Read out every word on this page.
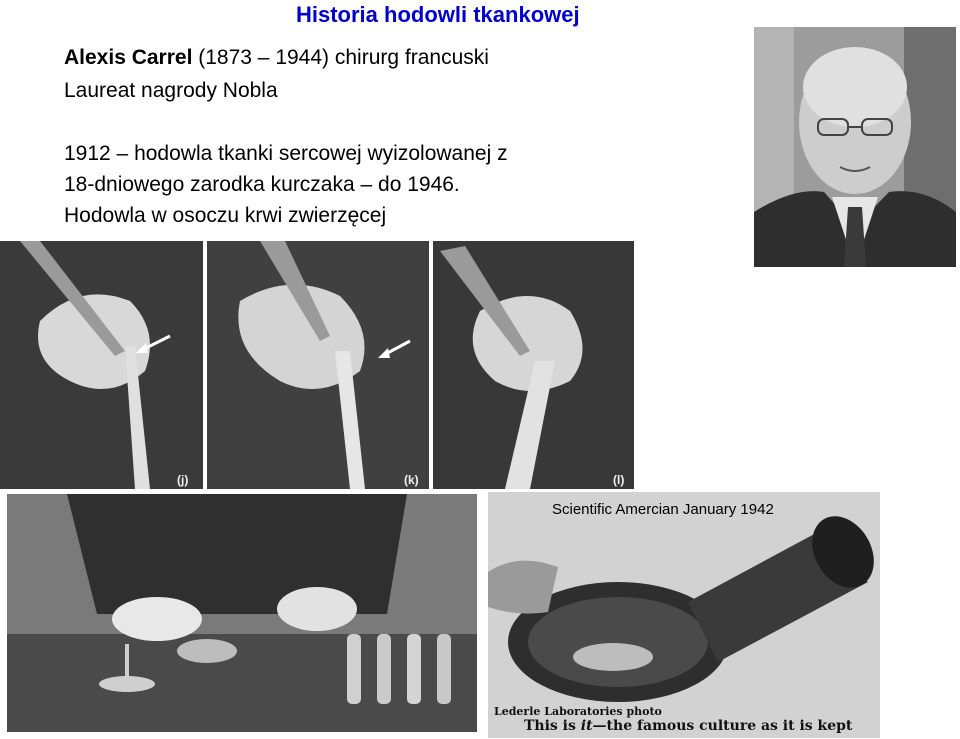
Historia hodowli tkankowej
Alexis Carrel (1873 – 1944) chirurg francuski
Laureat nagrody Nobla
1912 – hodowla tkanki sercowej wyizolowanej z
18-dniowego zarodka kurczaka – do 1946.
Hodowla w osoczu krwi zwierzęcej
(j)	(k)	(l)
Scientific Amercian January 1942
Lederle Laboratories photo
This is it—the famous culture as it is kept
